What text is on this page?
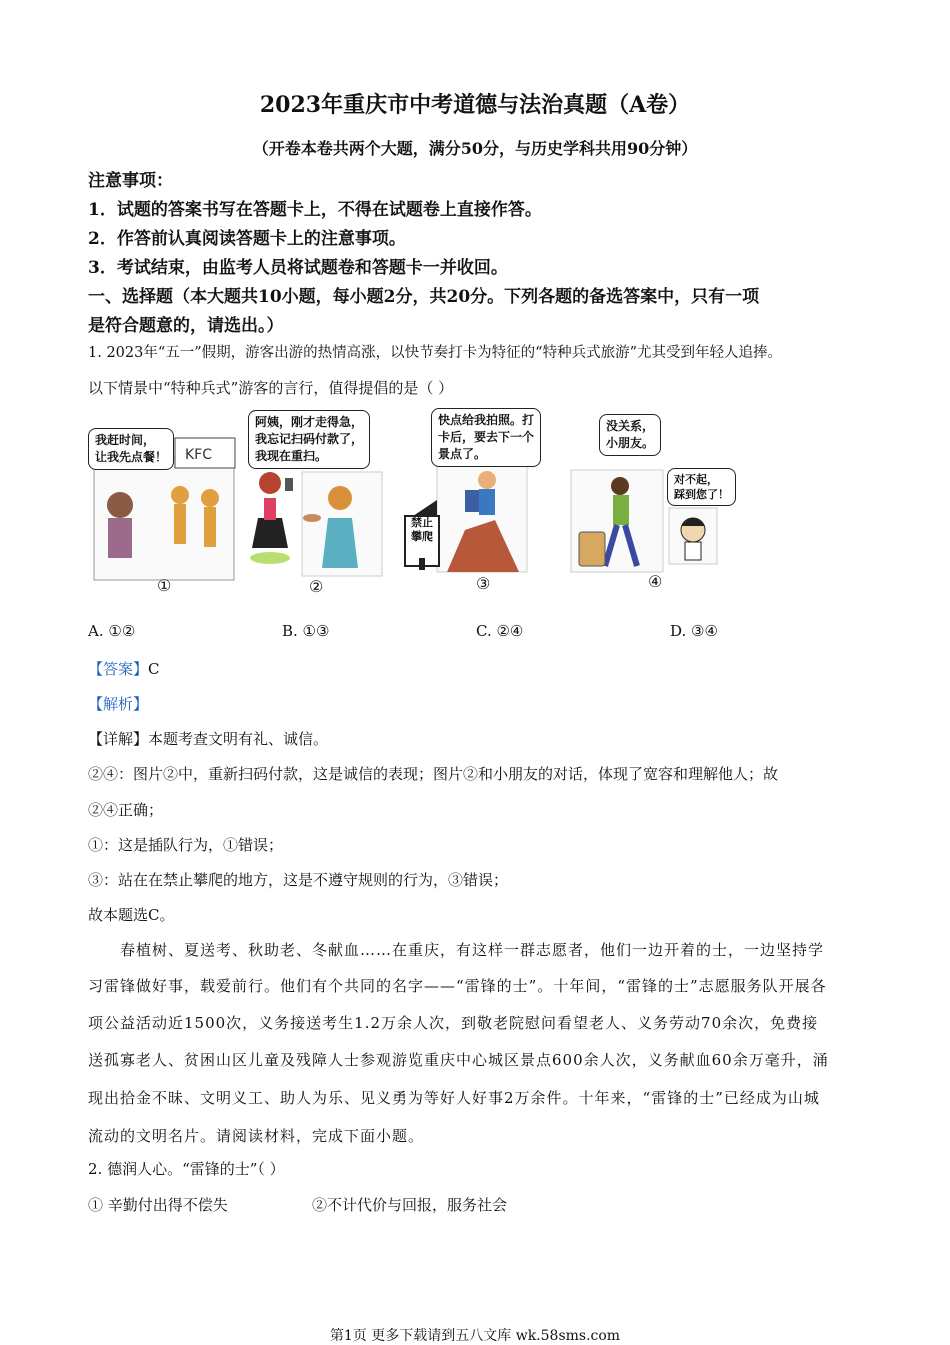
2023年重庆市中考道德与法治真题（A卷）
（开卷本卷共两个大题，满分50分，与历史学科共用90分钟）
注意事项：
1．试题的答案书写在答题卡上，不得在试题卷上直接作答。
2．作答前认真阅读答题卡上的注意事项。
3．考试结束，由监考人员将试题卷和答题卡一并收回。
一、选择题（本大题共10小题，每小题2分，共20分。下列各题的备选答案中，只有一项
是符合题意的，请选出。）
1. 2023年“五一”假期，游客出游的热情高涨，以快节奏打卡为特征的“特种兵式旅游”尤其受到年轻人追捧。
以下情景中“特种兵式”游客的言行，值得提倡的是（ ）
KFC
我赶时间，
让我先点餐！
①
阿姨，刚才走得急，
我忘记扫码付款了，
我现在重扫。
②
禁止
攀爬
快点给我拍照。打
卡后，要去下一个
景点了。
③
没关系，
小朋友。
对不起，
踩到您了！
④
A. ①②	B. ①③	C. ②④	D. ③④
【答案】C
【解析】
【详解】本题考查文明有礼、诚信。
②④：图片②中，重新扫码付款，这是诚信的表现；图片②和小朋友的对话，体现了宽容和理解他人；故
②④正确；
①：这是插队行为，①错误；
③：站在在禁止攀爬的地方，这是不遵守规则的行为，③错误；
故本题选C。
春植树、夏送考、秋助老、冬献血……在重庆，有这样一群志愿者，他们一边开着的士，一边坚持学
习雷锋做好事，载爱前行。他们有个共同的名字——“雷锋的士”。十年间，“雷锋的士”志愿服务队开展各
项公益活动近1500次，义务接送考生1.2万余人次，到敬老院慰问看望老人、义务劳动70余次，免费接
送孤寡老人、贫困山区儿童及残障人士参观游览重庆中心城区景点600余人次，义务献血60余万毫升，涌
现出拾金不昧、文明义工、助人为乐、见义勇为等好人好事2万余件。十年来，“雷锋的士”已经成为山城
流动的文明名片。请阅读材料，完成下面小题。
2. 德润人心。“雷锋的士”（ ）
① 辛勤付出得不偿失	②不计代价与回报，服务社会
第1页 更多下载请到五八文库 wk.58sms.com
